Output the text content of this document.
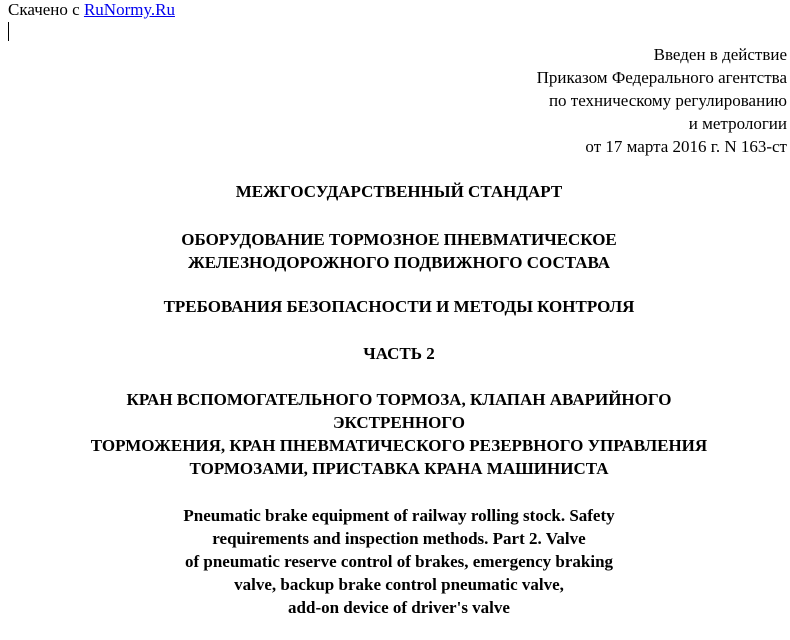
Скачено с RuNormy.Ru
Введен в действие
Приказом Федерального агентства
по техническому регулированию
и метрологии
от 17 марта 2016 г. N 163-ст
МЕЖГОСУДАРСТВЕННЫЙ СТАНДАРТ
ОБОРУДОВАНИЕ ТОРМОЗНОЕ ПНЕВМАТИЧЕСКОЕ
ЖЕЛЕЗНОДОРОЖНОГО ПОДВИЖНОГО СОСТАВА
ТРЕБОВАНИЯ БЕЗОПАСНОСТИ И МЕТОДЫ КОНТРОЛЯ
ЧАСТЬ 2
КРАН ВСПОМОГАТЕЛЬНОГО ТОРМОЗА, КЛАПАН АВАРИЙНОГО
ЭКСТРЕННОГО
ТОРМОЖЕНИЯ, КРАН ПНЕВМАТИЧЕСКОГО РЕЗЕРВНОГО УПРАВЛЕНИЯ
ТОРМОЗАМИ, ПРИСТАВКА КРАНА МАШИНИСТА
Pneumatic brake equipment of railway rolling stock. Safety
requirements and inspection methods. Part 2. Valve
of pneumatic reserve control of brakes, emergency braking
valve, backup brake control pneumatic valve,
add-on device of driver's valve
